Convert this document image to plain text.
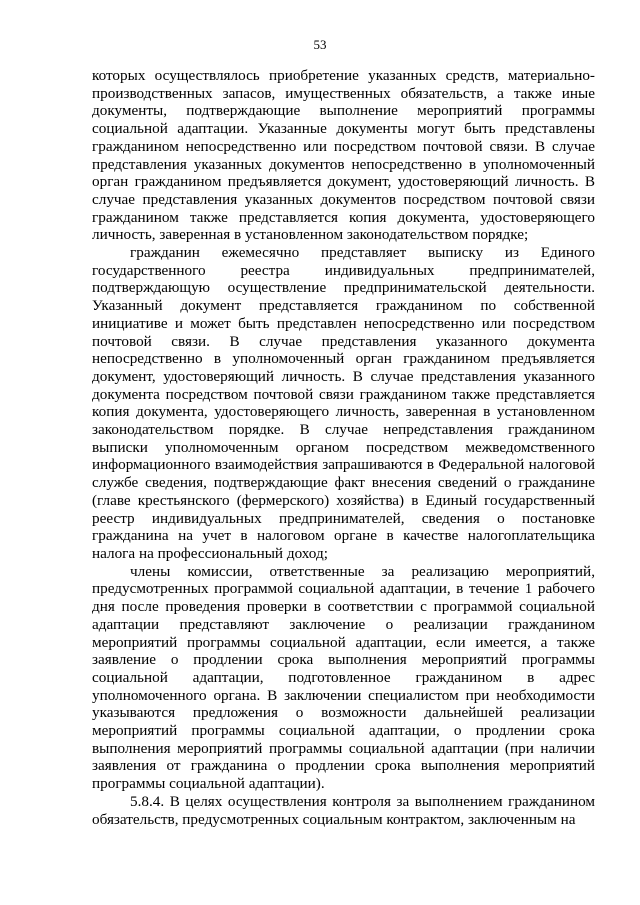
53

которых осуществлялось приобретение указанных средств, материально-производственных запасов, имущественных обязательств, а также иные документы, подтверждающие выполнение мероприятий программы социальной адаптации. Указанные документы могут быть представлены гражданином непосредственно или посредством почтовой связи. В случае представления указанных документов непосредственно в уполномоченный орган гражданином предъявляется документ, удостоверяющий личность. В случае представления указанных документов посредством почтовой связи гражданином также представляется копия документа, удостоверяющего личность, заверенная в установленном законодательством порядке;

гражданин ежемесячно представляет выписку из Единого государственного реестра индивидуальных предпринимателей, подтверждающую осуществление предпринимательской деятельности. Указанный документ представляется гражданином по собственной инициативе и может быть представлен непосредственно или посредством почтовой связи. В случае представления указанного документа непосредственно в уполномоченный орган гражданином предъявляется документ, удостоверяющий личность. В случае представления указанного документа посредством почтовой связи гражданином также представляется копия документа, удостоверяющего личность, заверенная в установленном законодательством порядке. В случае непредставления гражданином выписки уполномоченным органом посредством межведомственного информационного взаимодействия запрашиваются в Федеральной налоговой службе сведения, подтверждающие факт внесения сведений о гражданине (главе крестьянского (фермерского) хозяйства) в Единый государственный реестр индивидуальных предпринимателей, сведения о постановке гражданина на учет в налоговом органе в качестве налогоплательщика налога на профессиональный доход;

члены комиссии, ответственные за реализацию мероприятий, предусмотренных программой социальной адаптации, в течение 1 рабочего дня после проведения проверки в соответствии с программой социальной адаптации представляют заключение о реализации гражданином мероприятий программы социальной адаптации, если имеется, а также заявление о продлении срока выполнения мероприятий программы социальной адаптации, подготовленное гражданином в адрес уполномоченного органа. В заключении специалистом при необходимости указываются предложения о возможности дальнейшей реализации мероприятий программы социальной адаптации, о продлении срока выполнения мероприятий программы социальной адаптации (при наличии заявления от гражданина о продлении срока выполнения мероприятий программы социальной адаптации).

5.8.4. В целях осуществления контроля за выполнением гражданином обязательств, предусмотренных социальным контрактом, заключенным на
